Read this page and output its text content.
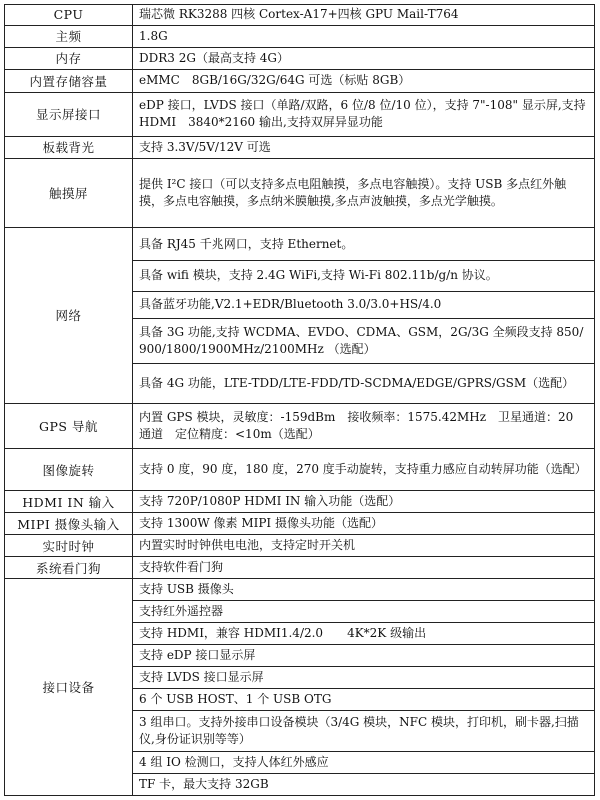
CPU	瑞芯微 RK3288 四核 Cortex-A17+四核 GPU Mail-T764
主频	1.8G
内存	DDR3 2G（最高支持 4G）
内置存储容量	eMMC　8GB/16G/32G/64G 可选（标贴 8GB）
显示屏接口	eDP 接口，LVDS 接口（单路/双路，6 位/8 位/10 位），支持 7"-108" 显示屏,支持 HDMI　3840*2160 输出,支持双屏异显功能
板载背光	支持 3.3V/5V/12V 可选
触摸屏	提供 I²C 接口（可以支持多点电阻触摸，多点电容触摸）。支持 USB 多点红外触摸，多点电容触摸，多点纳米膜触摸,多点声波触摸，多点光学触摸。
网络	具备 RJ45 千兆网口，支持 Ethernet。
	具备 wifi 模块，支持 2.4G WiFi,支持 Wi-Fi 802.11b/g/n 协议。
	具备蓝牙功能,V2.1+EDR/Bluetooth 3.0/3.0+HS/4.0
	具备 3G 功能,支持 WCDMA、EVDO、CDMA、GSM，2G/3G 全频段支持 850/900/1800/1900MHz/2100MHz （选配）
	具备 4G 功能，LTE-TDD/LTE-FDD/TD-SCDMA/EDGE/GPRS/GSM（选配）
GPS 导航	内置 GPS 模块，灵敏度：-159dBm　接收频率：1575.42MHz　卫星通道：20 通道　定位精度：<10m（选配）
图像旋转	支持 0 度，90 度，180 度，270 度手动旋转，支持重力感应自动转屏功能（选配）
HDMI IN 输入	支持 720P/1080P HDMI IN 输入功能（选配）
MIPI 摄像头输入	支持 1300W 像素 MIPI 摄像头功能（选配）
实时时钟	内置实时时钟供电电池，支持定时开关机
系统看门狗	支持软件看门狗
接口设备	支持 USB 摄像头
	支持红外遥控器
	支持 HDMI，兼容 HDMI1.4/2.0　　4K*2K 级输出
	支持 eDP 接口显示屏
	支持 LVDS 接口显示屏
	6 个 USB HOST、1 个 USB OTG
	3 组串口。支持外接串口设备模块（3/4G 模块，NFC 模块，打印机，刷卡器,扫描仪,身份证识别等等）
	4 组 IO 检测口，支持人体红外感应
	TF 卡，最大支持 32GB
